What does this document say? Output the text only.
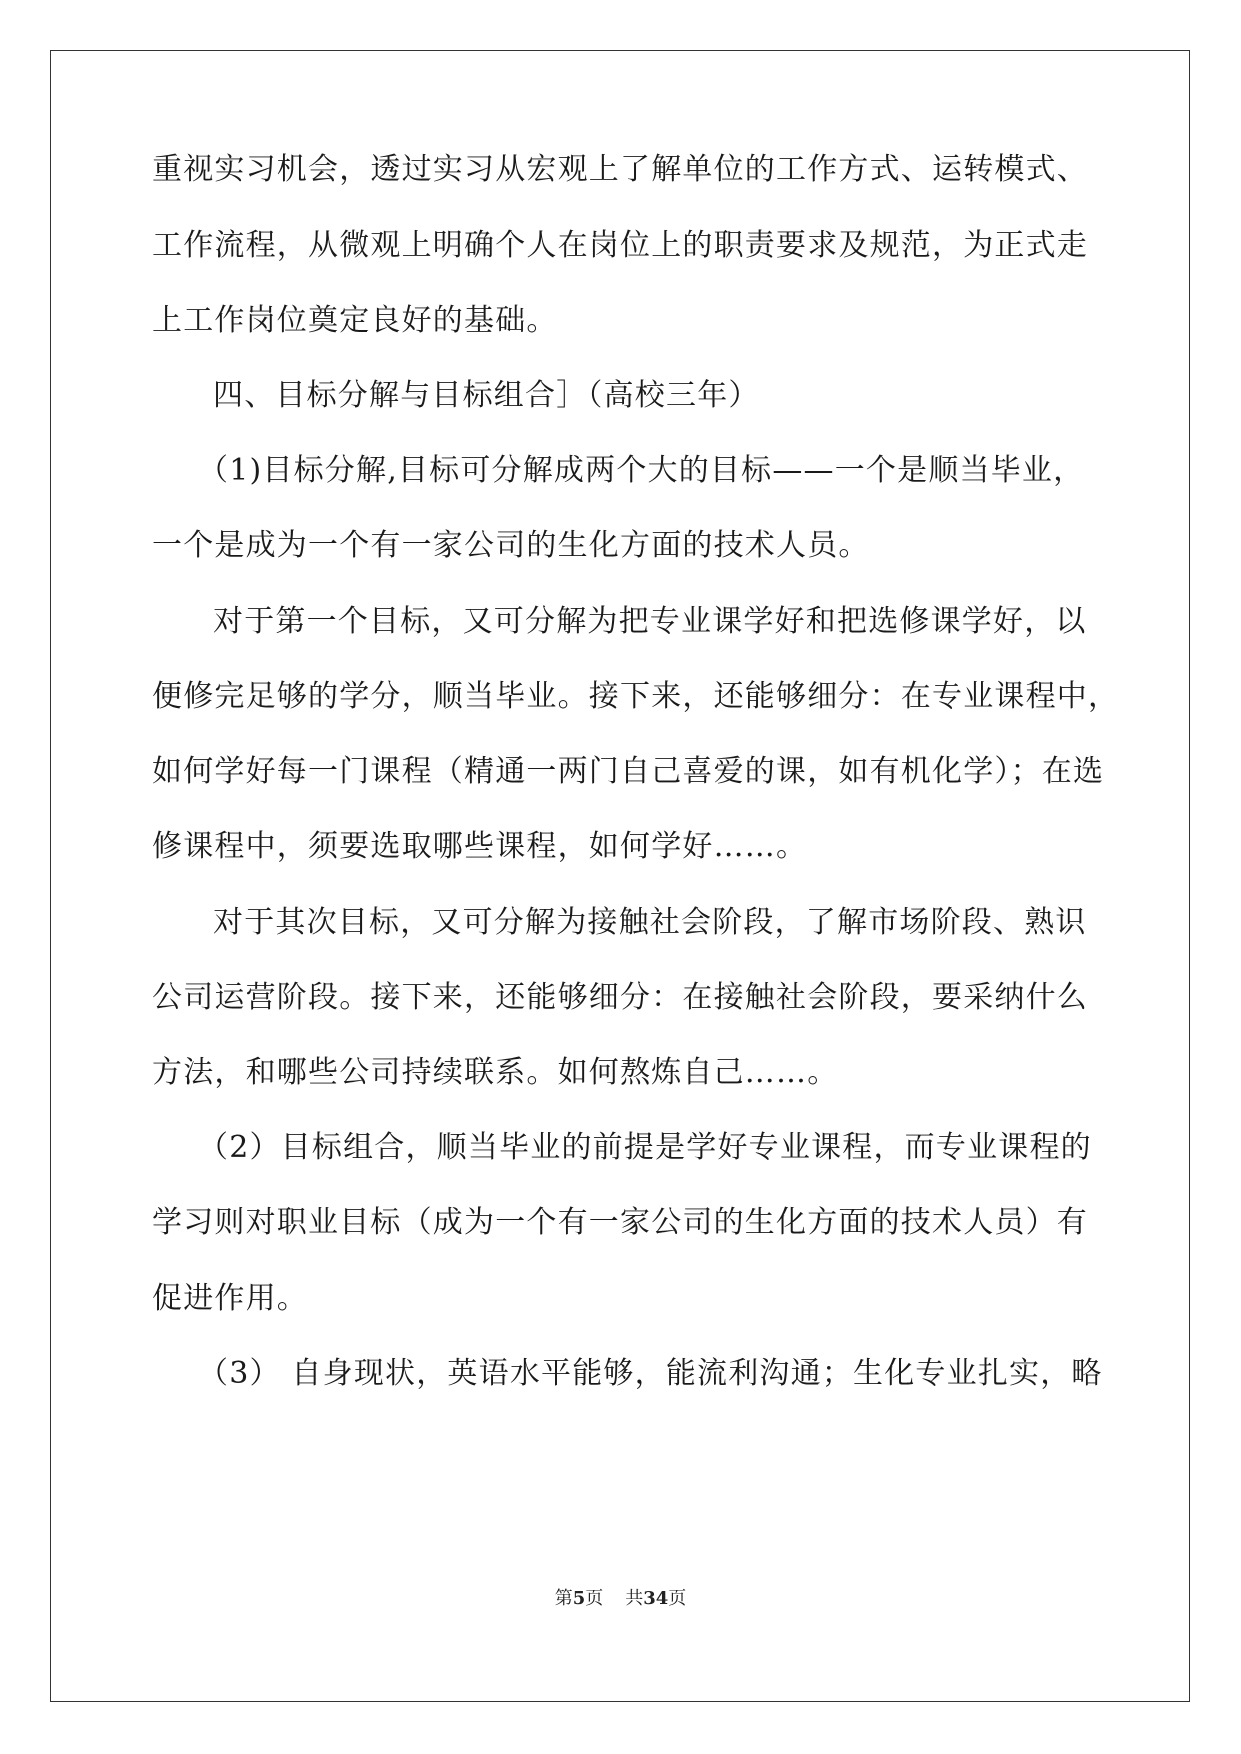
重视实习机会，透过实习从宏观上了解单位的工作方式、运转模式、
工作流程，从微观上明确个人在岗位上的职责要求及规范，为正式走
上工作岗位奠定良好的基础。
四、目标分解与目标组合］（高校三年）
（1)目标分解,目标可分解成两个大的目标——一个是顺当毕业，
一个是成为一个有一家公司的生化方面的技术人员。
对于第一个目标，又可分解为把专业课学好和把选修课学好，以
便修完足够的学分，顺当毕业。接下来，还能够细分：在专业课程中，
如何学好每一门课程（精通一两门自己喜爱的课，如有机化学）；在选
修课程中，须要选取哪些课程，如何学好……。
对于其次目标，又可分解为接触社会阶段，了解市场阶段、熟识
公司运营阶段。接下来，还能够细分：在接触社会阶段，要采纳什么
方法，和哪些公司持续联系。如何熬炼自己……。
（2）目标组合，顺当毕业的前提是学好专业课程，而专业课程的
学习则对职业目标（成为一个有一家公司的生化方面的技术人员）有
促进作用。
（3） 自身现状，英语水平能够，能流利沟通；生化专业扎实，略
第5页 共34页
